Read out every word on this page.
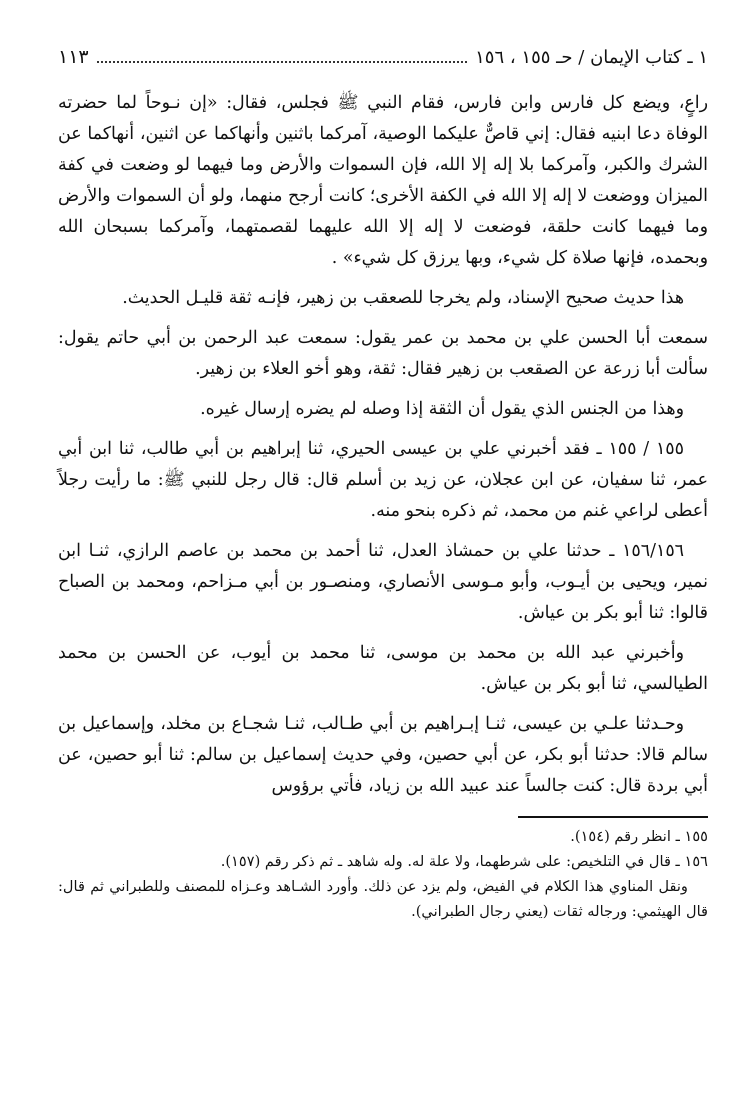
١ ـ كتاب الإيمان / حـ ١٥٥ ، ١٥٦
١١٣

راعٍ، ويضع كل فارس وابن فارس، فقام النبي ﷺ فجلس، فقال: «إن نـوحاً لما حضرته الوفاة دعا ابنيه فقال: إني قاصٌّ عليكما الوصية، آمركما باثنين وأنهاكما عن اثنين، أنهاكما عن الشرك والكبر، وآمركما بلا إله إلا الله، فإن السموات والأرض وما فيهما لو وضعت في كفة الميزان ووضعت لا إله إلا الله في الكفة الأخرى؛ كانت أرجح منهما، ولو أن السموات والأرض وما فيهما كانت حلقة، فوضعت لا إله إلا الله عليهما لقصمتهما، وآمركما بسبحان الله وبحمده، فإنها صلاة كل شيء، وبها يرزق كل شيء» .

هذا حديث صحيح الإسناد، ولم يخرجا للصعقب بن زهير، فإنـه ثقة قليـل الحديث.

سمعت أبا الحسن علي بن محمد بن عمر يقول: سمعت عبد الرحمن بن أبي حاتم يقول: سألت أبا زرعة عن الصقعب بن زهير فقال: ثقة، وهو أخو العلاء بن زهير.

وهذا من الجنس الذي يقول أن الثقة إذا وصله لم يضره إرسال غيره.

١٥٥ / ١٥٥ ـ فقد أخبرني علي بن عيسى الحيري، ثنا إبراهيم بن أبي طالب، ثنا ابن أبي عمر، ثنا سفيان، عن ابن عجلان، عن زيد بن أسلم قال: قال رجل للنبي ﷺ: ما رأيت رجلاً أعطى لراعي غنم من محمد، ثم ذكره بنحو منه.

١٥٦/١٥٦ ـ حدثنا علي بن حمشاذ العدل، ثنا أحمد بن محمد بن عاصم الرازي، ثنـا ابن نمير، ويحيى بن أيـوب، وأبو مـوسى الأنصاري، ومنصـور بن أبي مـزاحم، ومحمد بن الصباح قالوا: ثنا أبو بكر بن عياش.

وأخبرني عبد الله بن محمد بن موسى، ثنا محمد بن أيوب، عن الحسن بن محمد الطيالسي، ثنا أبو بكر بن عياش.

وحـدثنا علـي بن عيسى، ثنـا إبـراهيم بن أبي طـالب، ثنـا شجـاع بن مخلد، وإسماعيل بن سالم قالا: حدثنا أبو بكر، عن أبي حصين، وفي حديث إسماعيل بن سالم: ثنا أبو حصين، عن أبي بردة قال: كنت جالساً عند عبيد الله بن زياد، فأتي برؤوس

١٥٥ ـ انظر رقم (١٥٤).

١٥٦ ـ قال في التلخيص: على شرطهما، ولا علة له. وله شاهد ـ ثم ذكر رقم (١٥٧).

ونقل المناوي هذا الكلام في الفيض، ولم يزد عن ذلك. وأورد الشـاهد وعـزاه للمصنف وللطبراني ثم قال: قال الهيثمي: ورجاله ثقات (يعني رجال الطبراني).
